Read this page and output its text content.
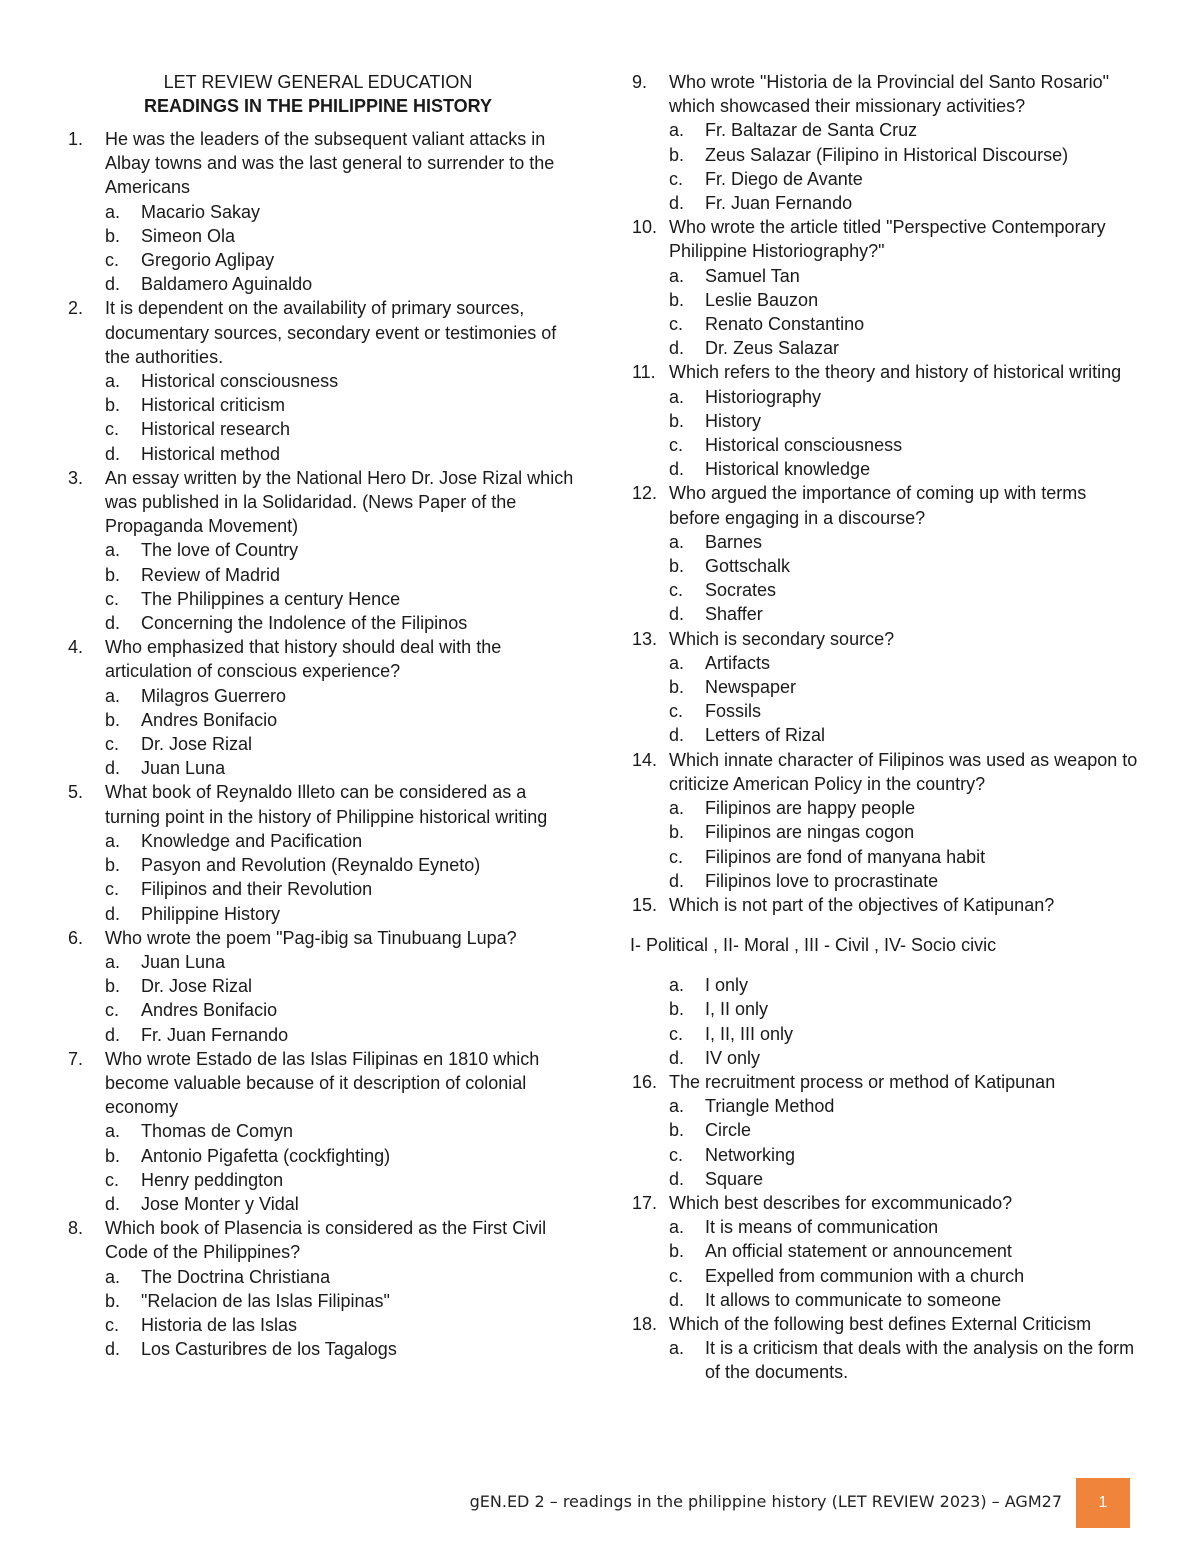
LET REVIEW GENERAL EDUCATION
READINGS IN THE PHILIPPINE HISTORY
1.	He was the leaders of the subsequent valiant attacks in Albay towns and was the last general to surrender to the Americans
a.	Macario Sakay
b.	Simeon Ola
c.	Gregorio Aglipay
d.	Baldamero Aguinaldo
2.	It is dependent on the availability of primary sources, documentary sources, secondary event or testimonies of the authorities.
a.	Historical consciousness
b.	Historical criticism
c.	Historical research
d.	Historical method
3.	An essay written by the National Hero Dr. Jose Rizal which was published in la Solidaridad. (News Paper of the Propaganda Movement)
a.	The love of Country
b.	Review of Madrid
c.	The Philippines a century Hence
d.	Concerning the Indolence of the Filipinos
4.	Who emphasized that history should deal with the articulation of conscious experience?
a.	Milagros Guerrero
b.	Andres Bonifacio
c.	Dr. Jose Rizal
d.	Juan Luna
5.	What book of Reynaldo Illeto can be considered as a turning point in the history of Philippine historical writing
a.	Knowledge and Pacification
b.	Pasyon and Revolution (Reynaldo Eyneto)
c.	Filipinos and their Revolution
d.	Philippine History
6.	Who wrote the poem "Pag-ibig sa Tinubuang Lupa?
a.	Juan Luna
b.	Dr. Jose Rizal
c.	Andres Bonifacio
d.	Fr. Juan Fernando
7.	Who wrote Estado de las Islas Filipinas en 1810 which become valuable because of it description of colonial economy
a.	Thomas de Comyn
b.	Antonio Pigafetta (cockfighting)
c.	Henry peddington
d.	Jose Monter y Vidal
8.	Which book of Plasencia is considered as the First Civil Code of the Philippines?
a.	The Doctrina Christiana
b.	"Relacion de las Islas Filipinas"
c.	Historia de las Islas
d.	Los Casturibres de los Tagalogs
9.	Who wrote "Historia de la Provincial del Santo Rosario" which showcased their missionary activities?
a.	Fr. Baltazar de Santa Cruz
b.	Zeus Salazar (Filipino in Historical Discourse)
c.	Fr. Diego de Avante
d.	Fr. Juan Fernando
10. Who wrote the article titled "Perspective Contemporary Philippine Historiography?"
a.	Samuel Tan
b.	Leslie Bauzon
c.	Renato Constantino
d.	Dr. Zeus Salazar
11. Which refers to the theory and history of historical writing
a.	Historiography
b.	History
c.	Historical consciousness
d.	Historical knowledge
12. Who argued the importance of coming up with terms before engaging in a discourse?
a.	Barnes
b.	Gottschalk
c.	Socrates
d.	Shaffer
13. Which is secondary source?
a.	Artifacts
b.	Newspaper
c.	Fossils
d.	Letters of Rizal
14. Which innate character of Filipinos was used as weapon to criticize American Policy in the country?
a.	Filipinos are happy people
b.	Filipinos are ningas cogon
c.	Filipinos are fond of manyana habit
d.	Filipinos love to procrastinate
15. Which is not part of the objectives of Katipunan?
I- Political , II- Moral , III - Civil , IV- Socio civic
a.	I only
b.	I, II only
c.	I, II, III only
d.	IV only
16. The recruitment process or method of Katipunan
a.	Triangle Method
b.	Circle
c.	Networking
d.	Square
17. Which best describes for excommunicado?
a.	It is means of communication
b.	An official statement or announcement
c.	Expelled from communion with a church
d.	It allows to communicate to someone
18. Which of the following best defines External Criticism
a.	It is a criticism that deals with the analysis on the form of the documents.
gEN.ED 2 – readings in the philippine history (LET REVIEW 2023) – AGM27	1
